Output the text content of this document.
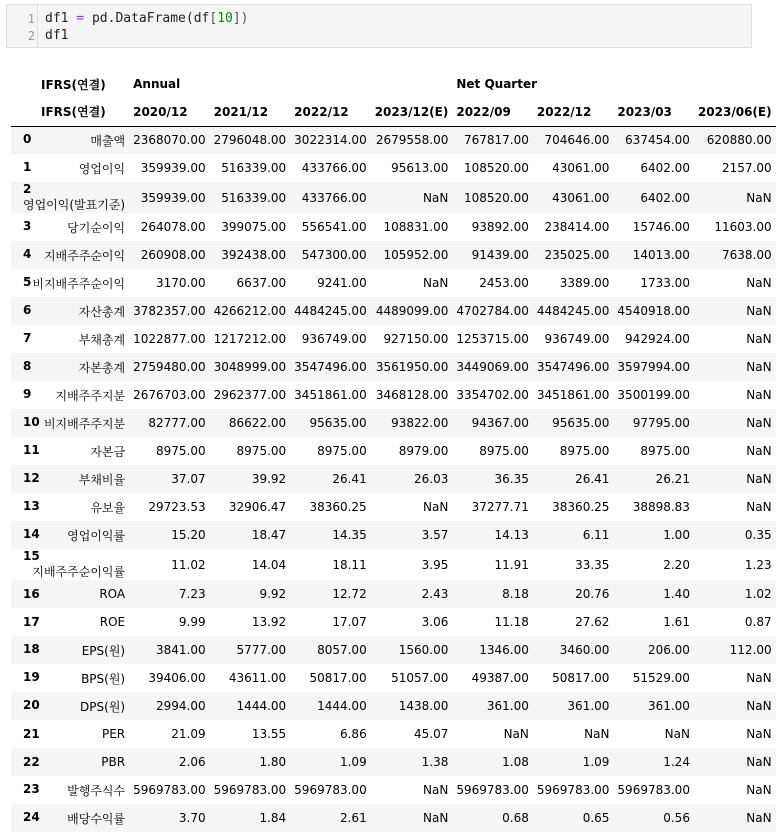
1
2
df1 = pd.DataFrame(df[10])
df1
IFRS(연결)	Annual				Net Quarter			
IFRS(연결)	2020/12	2021/12	2022/12	2023/12(E)	2022/09	2022/12	2023/03	2023/06(E)

0 매출액	2368070.00	2796048.00	3022314.00	2679558.00	767817.00	704646.00	637454.00	620880.00

1 영업이익	359939.00	516339.00	433766.00	95613.00	108520.00	43061.00	6402.00	2157.00

2
영업이익(발표기준)	359939.00	516339.00	433766.00	NaN	108520.00	43061.00	6402.00	NaN

3 당기순이익	264078.00	399075.00	556541.00	108831.00	93892.00	238414.00	15746.00	11603.00

4 지배주주순이익	260908.00	392438.00	547300.00	105952.00	91439.00	235025.00	14013.00	7638.00

5 비지배주주순이익	3170.00	6637.00	9241.00	NaN	2453.00	3389.00	1733.00	NaN

6 자산총계	3782357.00	4266212.00	4484245.00	4489099.00	4702784.00	4484245.00	4540918.00	NaN

7 부채총계	1022877.00	1217212.00	936749.00	927150.00	1253715.00	936749.00	942924.00	NaN

8 자본총계	2759480.00	3048999.00	3547496.00	3561950.00	3449069.00	3547496.00	3597994.00	NaN

9 지배주주지분	2676703.00	2962377.00	3451861.00	3468128.00	3354702.00	3451861.00	3500199.00	NaN

10 비지배주주지분	82777.00	86622.00	95635.00	93822.00	94367.00	95635.00	97795.00	NaN

11 자본금	8975.00	8975.00	8975.00	8979.00	8975.00	8975.00	8975.00	NaN

12 부채비율	37.07	39.92	26.41	26.03	36.35	26.41	26.21	NaN

13 유보율	29723.53	32906.47	38360.25	NaN	37277.71	38360.25	38898.83	NaN

14 영업이익률	15.20	18.47	14.35	3.57	14.13	6.11	1.00	0.35

15
지배주주순이익률	11.02	14.04	18.11	3.95	11.91	33.35	2.20	1.23

16 ROA	7.23	9.92	12.72	2.43	8.18	20.76	1.40	1.02

17 ROE	9.99	13.92	17.07	3.06	11.18	27.62	1.61	0.87

18 EPS(원)	3841.00	5777.00	8057.00	1560.00	1346.00	3460.00	206.00	112.00

19 BPS(원)	39406.00	43611.00	50817.00	51057.00	49387.00	50817.00	51529.00	NaN

20 DPS(원)	2994.00	1444.00	1444.00	1438.00	361.00	361.00	361.00	NaN

21 PER	21.09	13.55	6.86	45.07	NaN	NaN	NaN	NaN

22 PBR	2.06	1.80	1.09	1.38	1.08	1.09	1.24	NaN

23 발행주식수	5969783.00	5969783.00	5969783.00	NaN	5969783.00	5969783.00	5969783.00	NaN

24 배당수익률	3.70	1.84	2.61	NaN	0.68	0.65	0.56	NaN
